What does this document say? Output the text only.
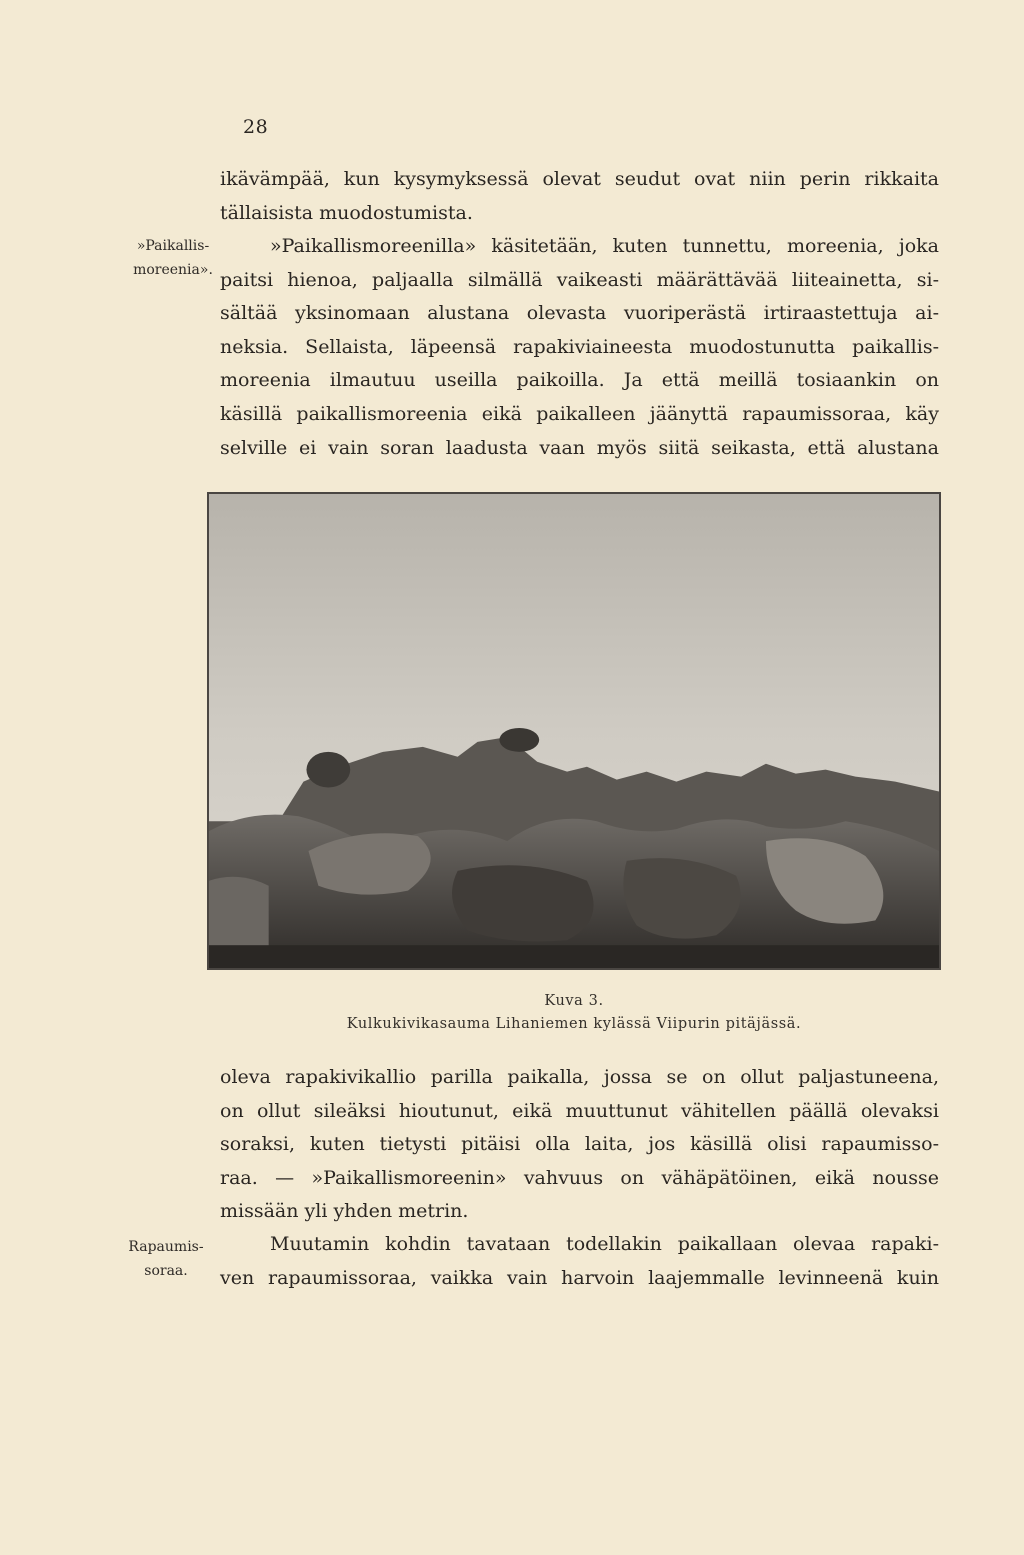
28
ikävämpää, kun kysymyksessä olevat seudut ovat niin perin rikkaita
tällaisista muodostumista.
»Paikallis-
moreenia».
»Paikallismoreenilla» käsitetään, kuten tunnettu, moreenia, joka
paitsi hienoa, paljaalla silmällä vaikeasti määrättävää liiteainetta, si-
sältää yksinomaan alustana olevasta vuoriperästä irtiraastettuja ai-
neksia. Sellaista, läpeensä rapakiviaineesta muodostunutta paikallis-
moreenia ilmautuu useilla paikoilla. Ja että meillä tosiaankin on
käsillä paikallismoreenia eikä paikalleen jäänyttä rapaumissoraa, käy
selville ei vain soran laadusta vaan myös siitä seikasta, että alustana
Kuva 3.
Kulkukivikasauma Lihaniemen kylässä Viipurin pitäjässä.
oleva rapakivikallio parilla paikalla, jossa se on ollut paljastuneena,
on ollut sileäksi hioutunut, eikä muuttunut vähitellen päällä olevaksi
soraksi, kuten tietysti pitäisi olla laita, jos käsillä olisi rapaumisso-
raa. — »Paikallismoreenin» vahvuus on vähäpätöinen, eikä nousse
missään yli yhden metrin.
Rapaumis-
soraa.
Muutamin kohdin tavataan todellakin paikallaan olevaa rapaki-
ven rapaumissoraa, vaikka vain harvoin laajemmalle levinneenä kuin
